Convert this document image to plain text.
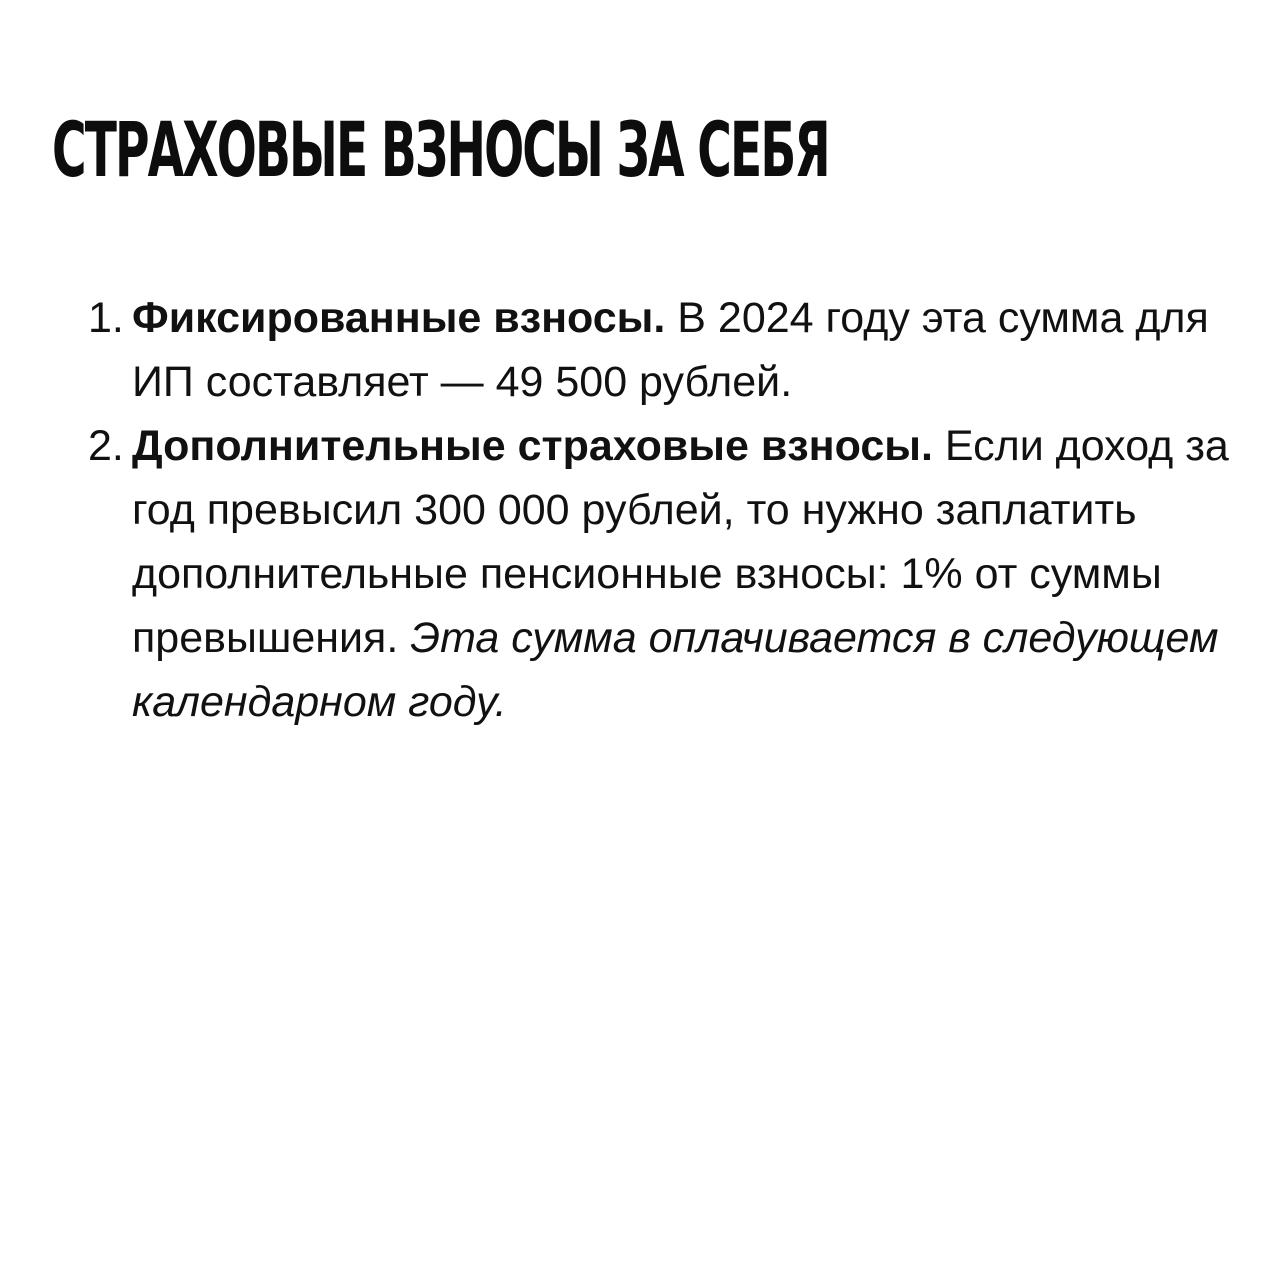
СТРАХОВЫЕ ВЗНОСЫ ЗА СЕБЯ
1. Фиксированные взносы. В 2024 году эта сумма для ИП составляет — 49 500 рублей.
2. Дополнительные страховые взносы. Если доход за год превысил 300 000 рублей, то нужно заплатить дополнительные пенсионные взносы: 1% от суммы превышения. Эта сумма оплачивается в следующем календарном году.
